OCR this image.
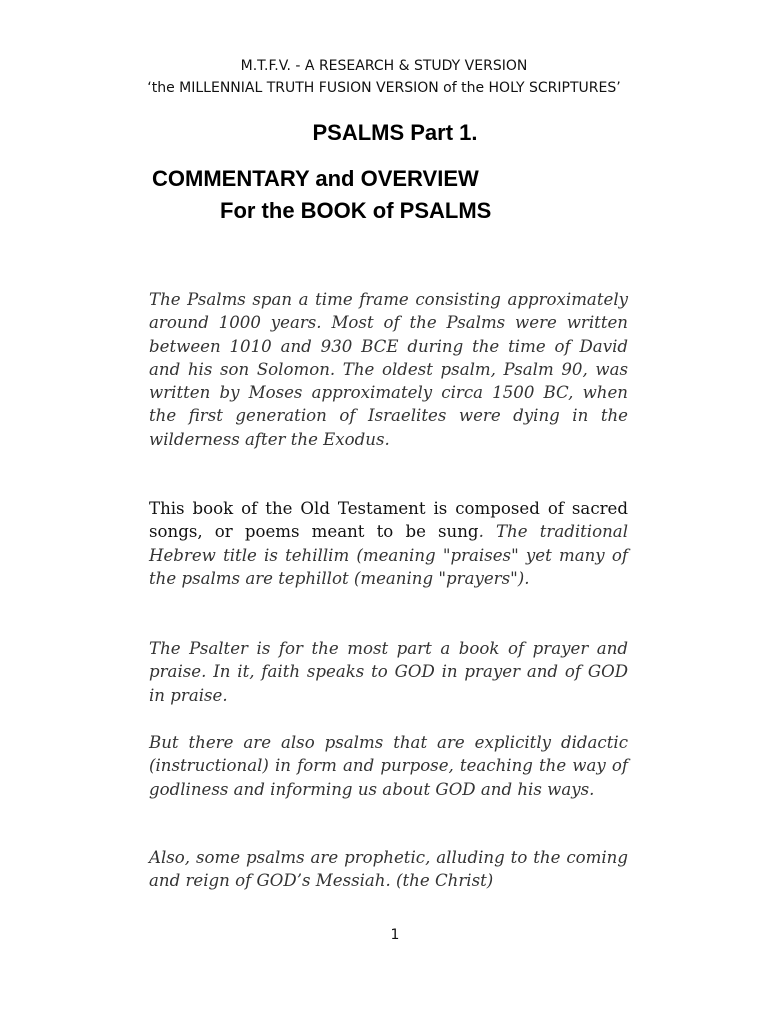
M.T.F.V. - A RESEARCH & STUDY VERSION
‘the MILLENNIAL TRUTH FUSION VERSION of the HOLY SCRIPTURES’
PSALMS Part 1.
COMMENTARY and OVERVIEW
For the BOOK of PSALMS

The Psalms span a time frame consisting approximately around 1000 years. Most of the Psalms were written between 1010 and 930 BCE during the time of David and his son Solomon. The oldest psalm, Psalm 90, was written by Moses approximately circa 1500 BC, when the first generation of Israelites were dying in the wilderness after the Exodus.

This book of the Old Testament is composed of sacred songs, or poems meant to be sung. The traditional Hebrew title is tehillim (meaning "praises" yet many of the psalms are tephillot (meaning "prayers").

The Psalter is for the most part a book of prayer and praise. In it, faith speaks to GOD in prayer and of GOD in praise.

But there are also psalms that are explicitly didactic (instructional) in form and purpose, teaching the way of godliness and informing us about GOD and his ways.

Also, some psalms are prophetic, alluding to the coming and reign of GOD’s Messiah. (the Christ)

1
